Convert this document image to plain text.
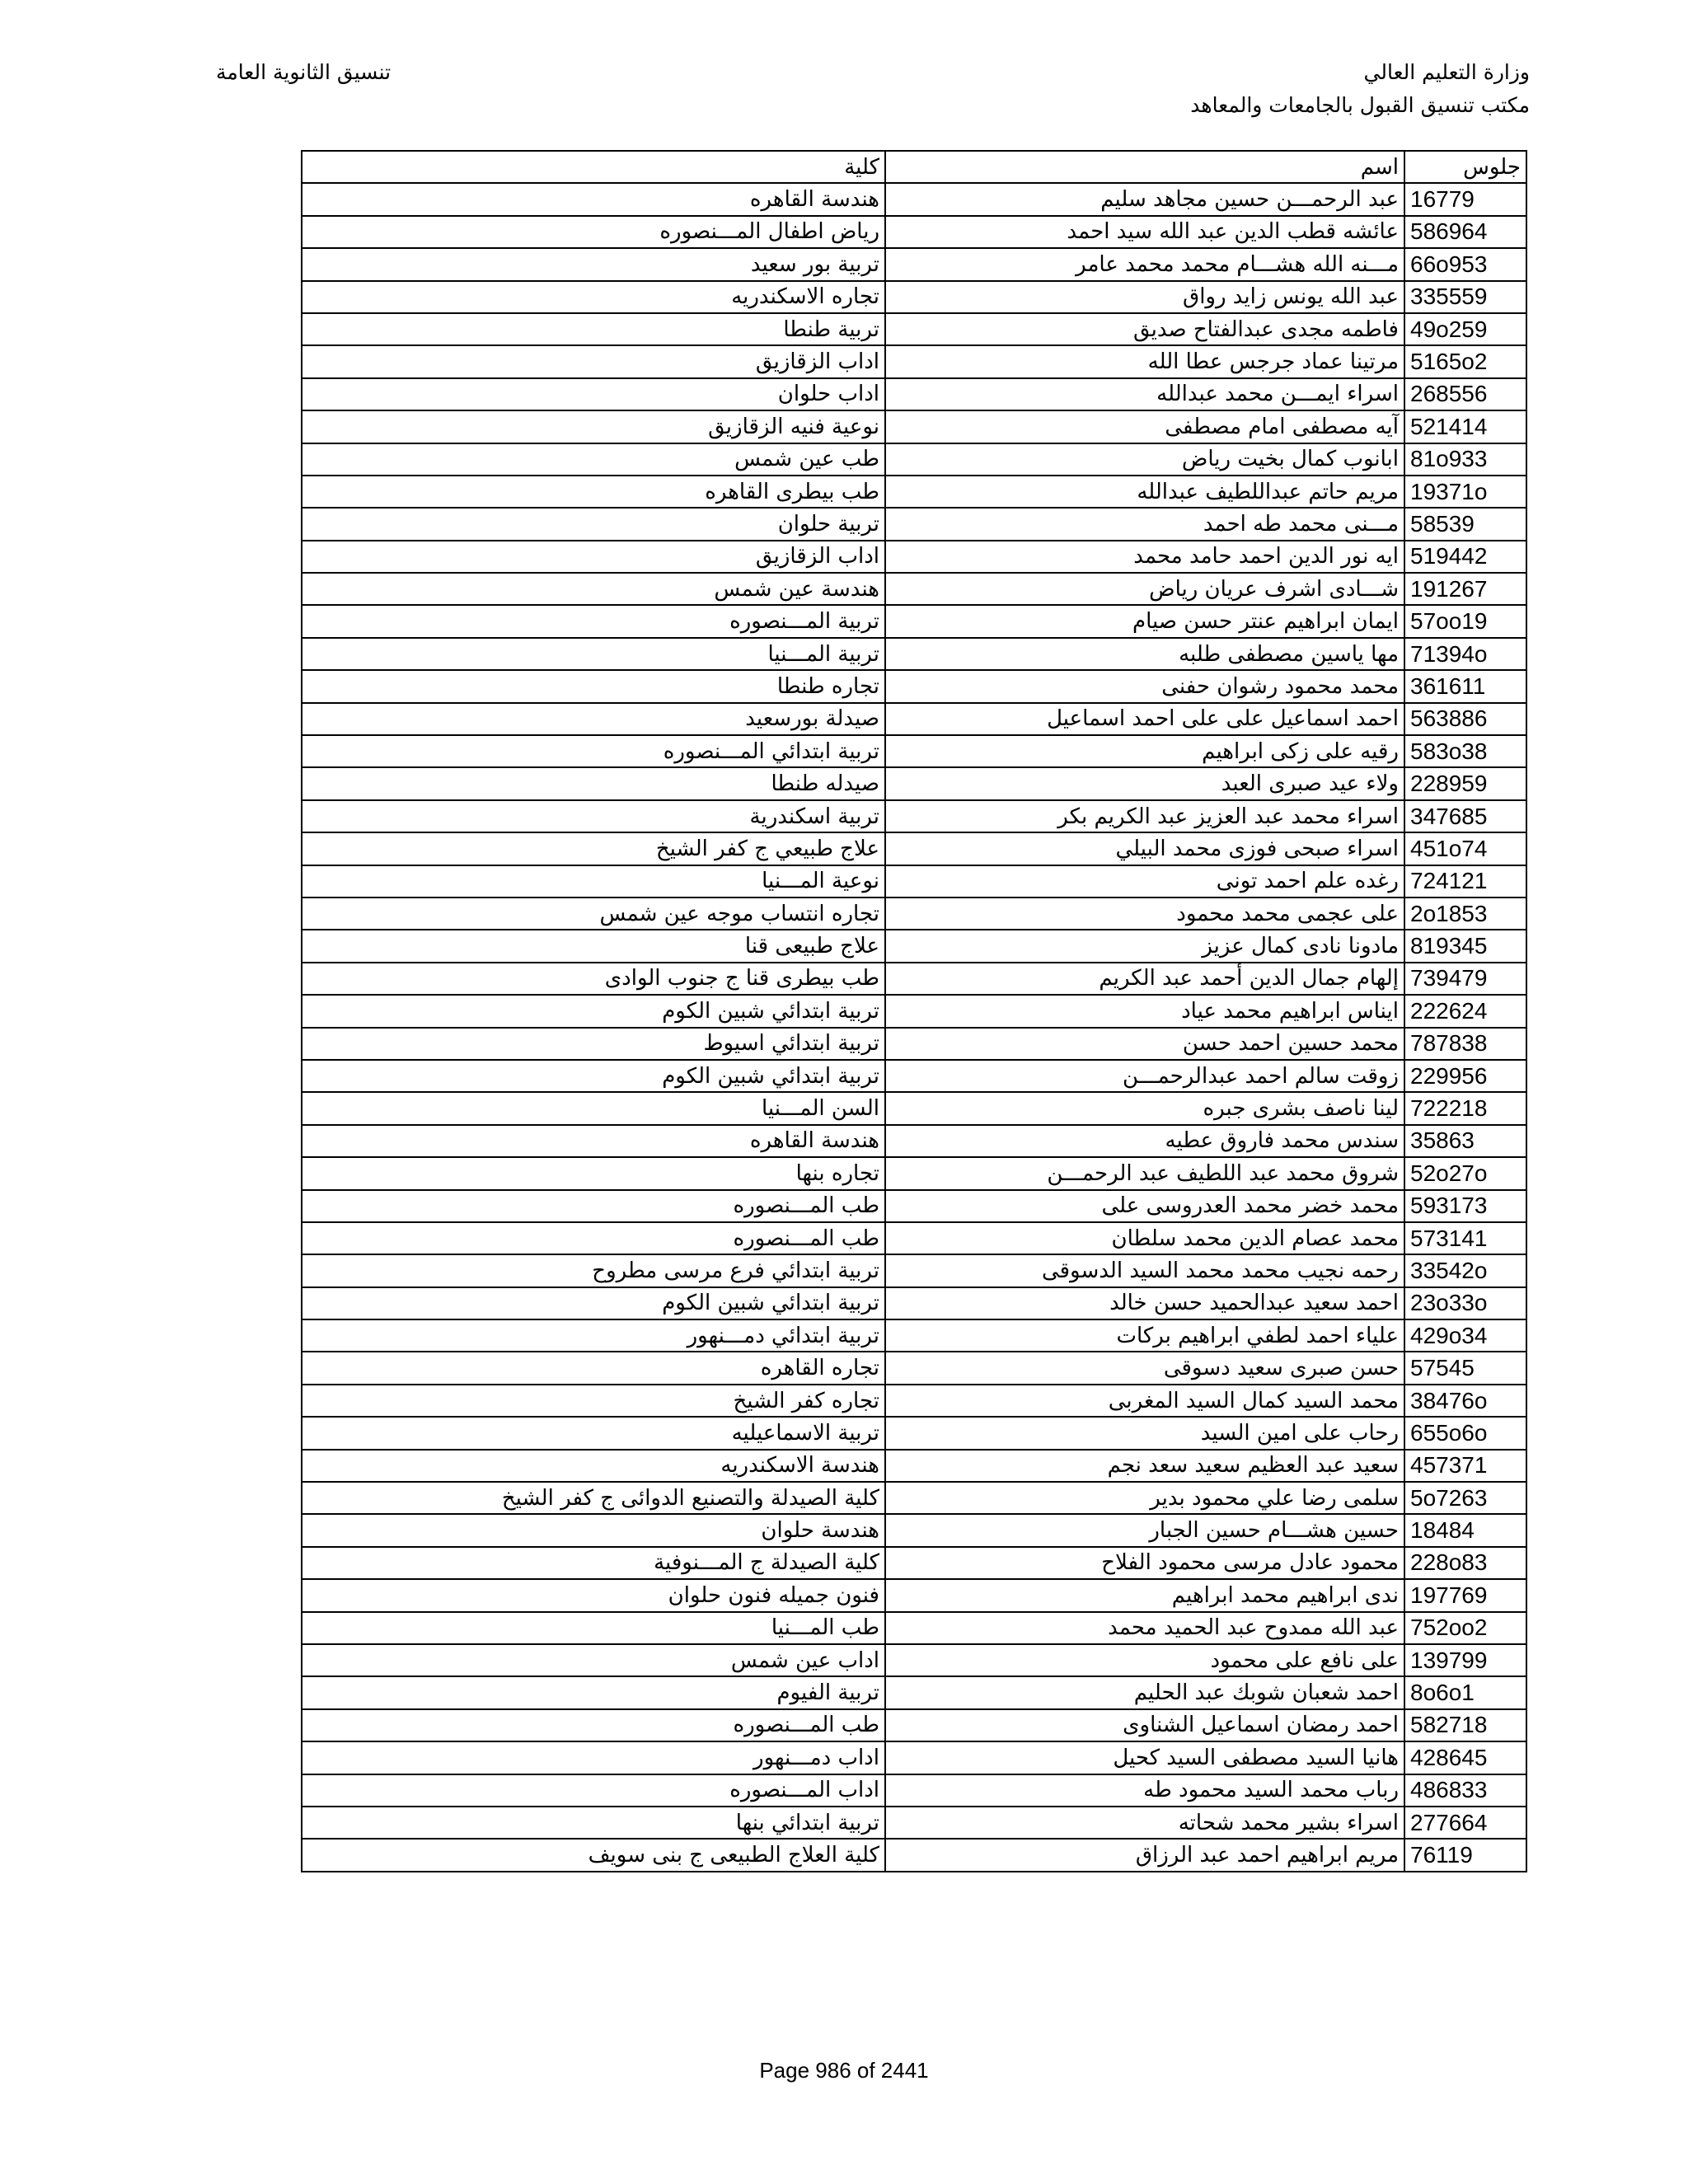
وزارة التعليم العالي
مكتب تنسيق القبول بالجامعات والمعاهد
تنسيق الثانوية العامة
كلية	اسم	جلوس
هندسة القاهره	عبد الرحمـــن حسين مجاهد سليم	16779
رياض اطفال المـــنصوره	عائشه قطب الدين عبد الله سيد احمد	586964
تربية بور سعيد	مـــنه الله هشـــام محمد محمد عامر	66o953
تجاره الاسكندريه	عبد الله يونس زايد رواق	335559
تربية طنطا	فاطمه مجدى عبدالفتاح صديق	49o259
اداب الزقازيق	مرتينا عماد جرجس عطا الله	5165o2
اداب حلوان	اسراء ايمـــن محمد عبدالله	268556
نوعية فنيه الزقازيق	آيه مصطفى امام مصطفى	521414
طب عين شمس	ابانوب كمال بخيت رياض	81o933
طب بيطرى القاهره	مريم حاتم عبداللطيف عبدالله	19371o
تربية حلوان	مـــنى محمد طه احمد	58539
اداب الزقازيق	ايه نور الدين احمد حامد محمد	519442
هندسة عين شمس	شـــادى اشرف عريان رياض	191267
تربية المـــنصوره	ايمان ابراهيم عنتر حسن صيام	57oo19
تربية المـــنيا	مها ياسين مصطفى طلبه	71394o
تجاره طنطا	محمد محمود رشوان حفنى	361611
صيدلة بورسعيد	احمد اسماعيل على على احمد اسماعيل	563886
تربية ابتدائي المـــنصوره	رقيه على زكى ابراهيم	583o38
صيدله طنطا	ولاء عيد صبرى العبد	228959
تربية اسكندرية	اسراء محمد عبد العزيز عبد الكريم بكر	347685
علاج طبيعي ج كفر الشيخ	اسراء صبحى فوزى محمد البيلي	451o74
نوعية المـــنيا	رغده علم احمد تونى	724121
تجاره انتساب موجه عين شمس	على عجمى محمد محمود	2o1853
علاج طبيعى قنا	مادونا نادى كمال عزيز	819345
طب بيطرى قنا ج جنوب الوادى	إلهام جمال الدين أحمد عبد الكريم	739479
تربية ابتدائي شبين الكوم	ايناس ابراهيم محمد عياد	222624
تربية ابتدائي اسيوط	محمد حسين احمد حسن	787838
تربية ابتدائي شبين الكوم	زوقت سالم احمد عبدالرحمـــن	229956
السن المـــنيا	لينا ناصف بشرى جبره	722218
هندسة القاهره	سندس محمد فاروق عطيه	35863
تجاره بنها	شروق محمد عبد اللطيف عبد الرحمـــن	52o27o
طب المـــنصوره	محمد خضر محمد العدروسى على	593173
طب المـــنصوره	محمد عصام الدين محمد سلطان	573141
تربية ابتدائي فرع مرسى مطروح	رحمه نجيب محمد محمد السيد الدسوقى	33542o
تربية ابتدائي شبين الكوم	احمد سعيد عبدالحميد حسن خالد	23o33o
تربية ابتدائي دمـــنهور	علياء احمد لطفي ابراهيم بركات	429o34
تجاره القاهره	حسن صبرى سعيد دسوقى	57545
تجاره كفر الشيخ	محمد السيد كمال السيد المغربى	38476o
تربية الاسماعيليه	رحاب على امين السيد	655o6o
هندسة الاسكندريه	سعيد عبد العظيم سعيد سعد نجم	457371
كلية الصيدلة والتصنيع الدوائى ج كفر الشيخ	سلمى رضا علي محمود بدير	5o7263
هندسة حلوان	حسين هشـــام حسين الجبار	18484
كلية الصيدلة ج المـــنوفية	محمود عادل مرسى محمود الفلاح	228o83
فنون جميله فنون حلوان	ندى ابراهيم محمد ابراهيم	197769
طب المـــنيا	عبد الله ممدوح عبد الحميد محمد	752oo2
اداب عين شمس	على نافع على محمود	139799
تربية الفيوم	احمد شعبان شوبك عبد الحليم	8o6o1
طب المـــنصوره	احمد رمضان اسماعيل الشناوى	582718
اداب دمـــنهور	هانيا السيد مصطفى السيد كحيل	428645
اداب المـــنصوره	رباب محمد السيد محمود طه	486833
تربية ابتدائي بنها	اسراء بشير محمد شحاته	277664
كلية العلاج الطبيعى ج بنى سويف	مريم ابراهيم احمد عبد الرزاق	76119
Page 986 of 2441
